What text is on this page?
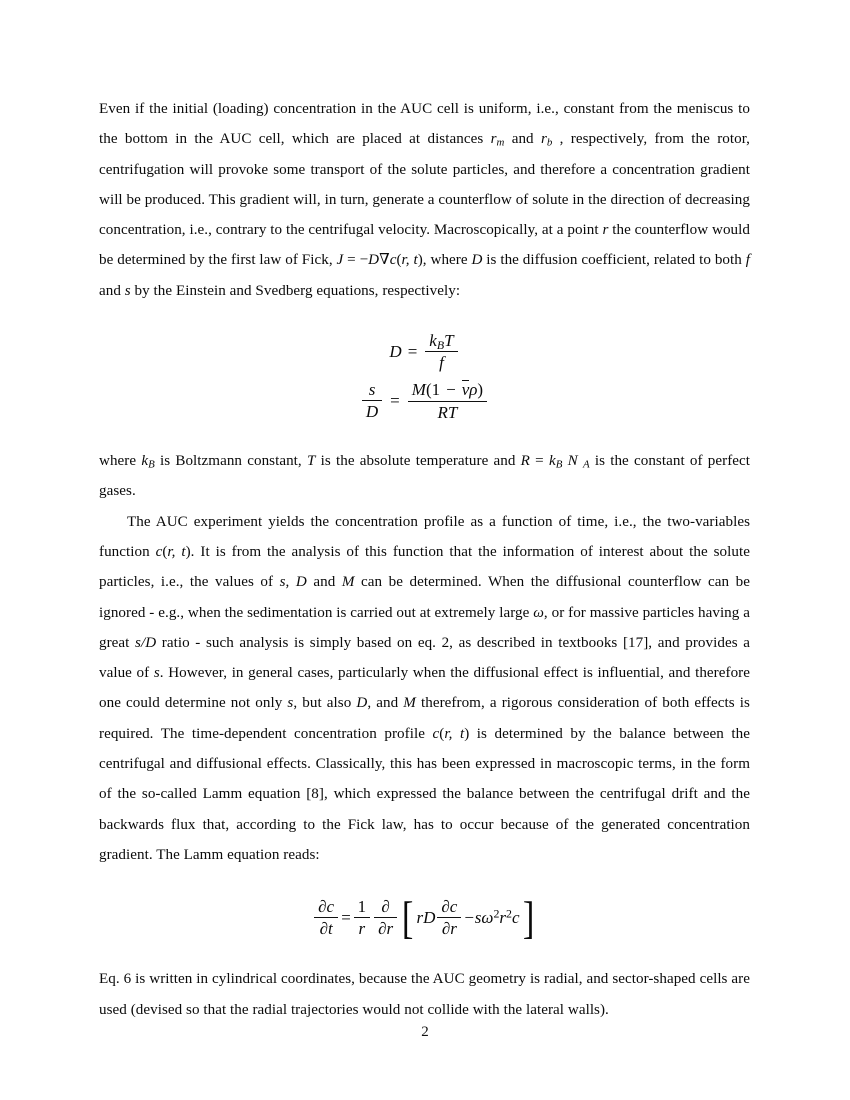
Even if the initial (loading) concentration in the AUC cell is uniform, i.e., constant from the meniscus to the bottom in the AUC cell, which are placed at distances $r_m$ and $r_b$ , respectively, from the rotor, centrifugation will provoke some transport of the solute particles, and therefore a concentration gradient will be produced. This gradient will, in turn, generate a counterflow of solute in the direction of decreasing concentration, i.e., contrary to the centrifugal velocity. Macroscopically, at a point r the counterflow would be determined by the first law of Fick, J = −D∇c(r, t), where D is the diffusion coefficient, related to both f and s by the Einstein and Svedberg equations, respectively:

$D = \frac{\text{kBT}}{f}$
$\frac{s}{D} = \frac{M(1 - v\rho)}{RT}$

where $k_B$ is Boltzmann constant, T is the absolute temperature and $R = k_B$ N $_A$ is the constant of perfect gases.

The AUC experiment yields the concentration profile as a function of time, i.e., the two-variables function c(r, t). It is from the analysis of this function that the information of interest about the solute particles, i.e., the values of s, D and M can be determined. When the diffusional counterflow can be ignored - e.g., when the sedimentation is carried out at extremely large ω, or for massive particles having a great s/D ratio - such analysis is simply based on eq. 2, as described in textbooks [17], and provides a value of s. However, in general cases, particularly when the diffusional effect is influential, and therefore one could determine not only s, but also D, and M therefrom, a rigorous consideration of both effects is required. The time-dependent concentration profile c(r, t) is determined by the balance between the centrifugal and diffusional effects. Classically, this has been expressed in macroscopic terms, in the form of the so-called Lamm equation [8], which expressed the balance between the centrifugal drift and the backwards flux that, according to the Fick law, has to occur because of the generated concentration gradient. The Lamm equation reads:

$\frac{\partial c}{\partial t} = \frac{1}{r} \frac{\partial}{\partial r}$ [ rD $\frac{\partial c}{\partial r} - s\omega^2r^2c$ ]

Eq. 6 is written in cylindrical coordinates, because the AUC geometry is radial, and sector-shaped cells are used (devised so that the radial trajectories would not collide with the lateral walls).

2
